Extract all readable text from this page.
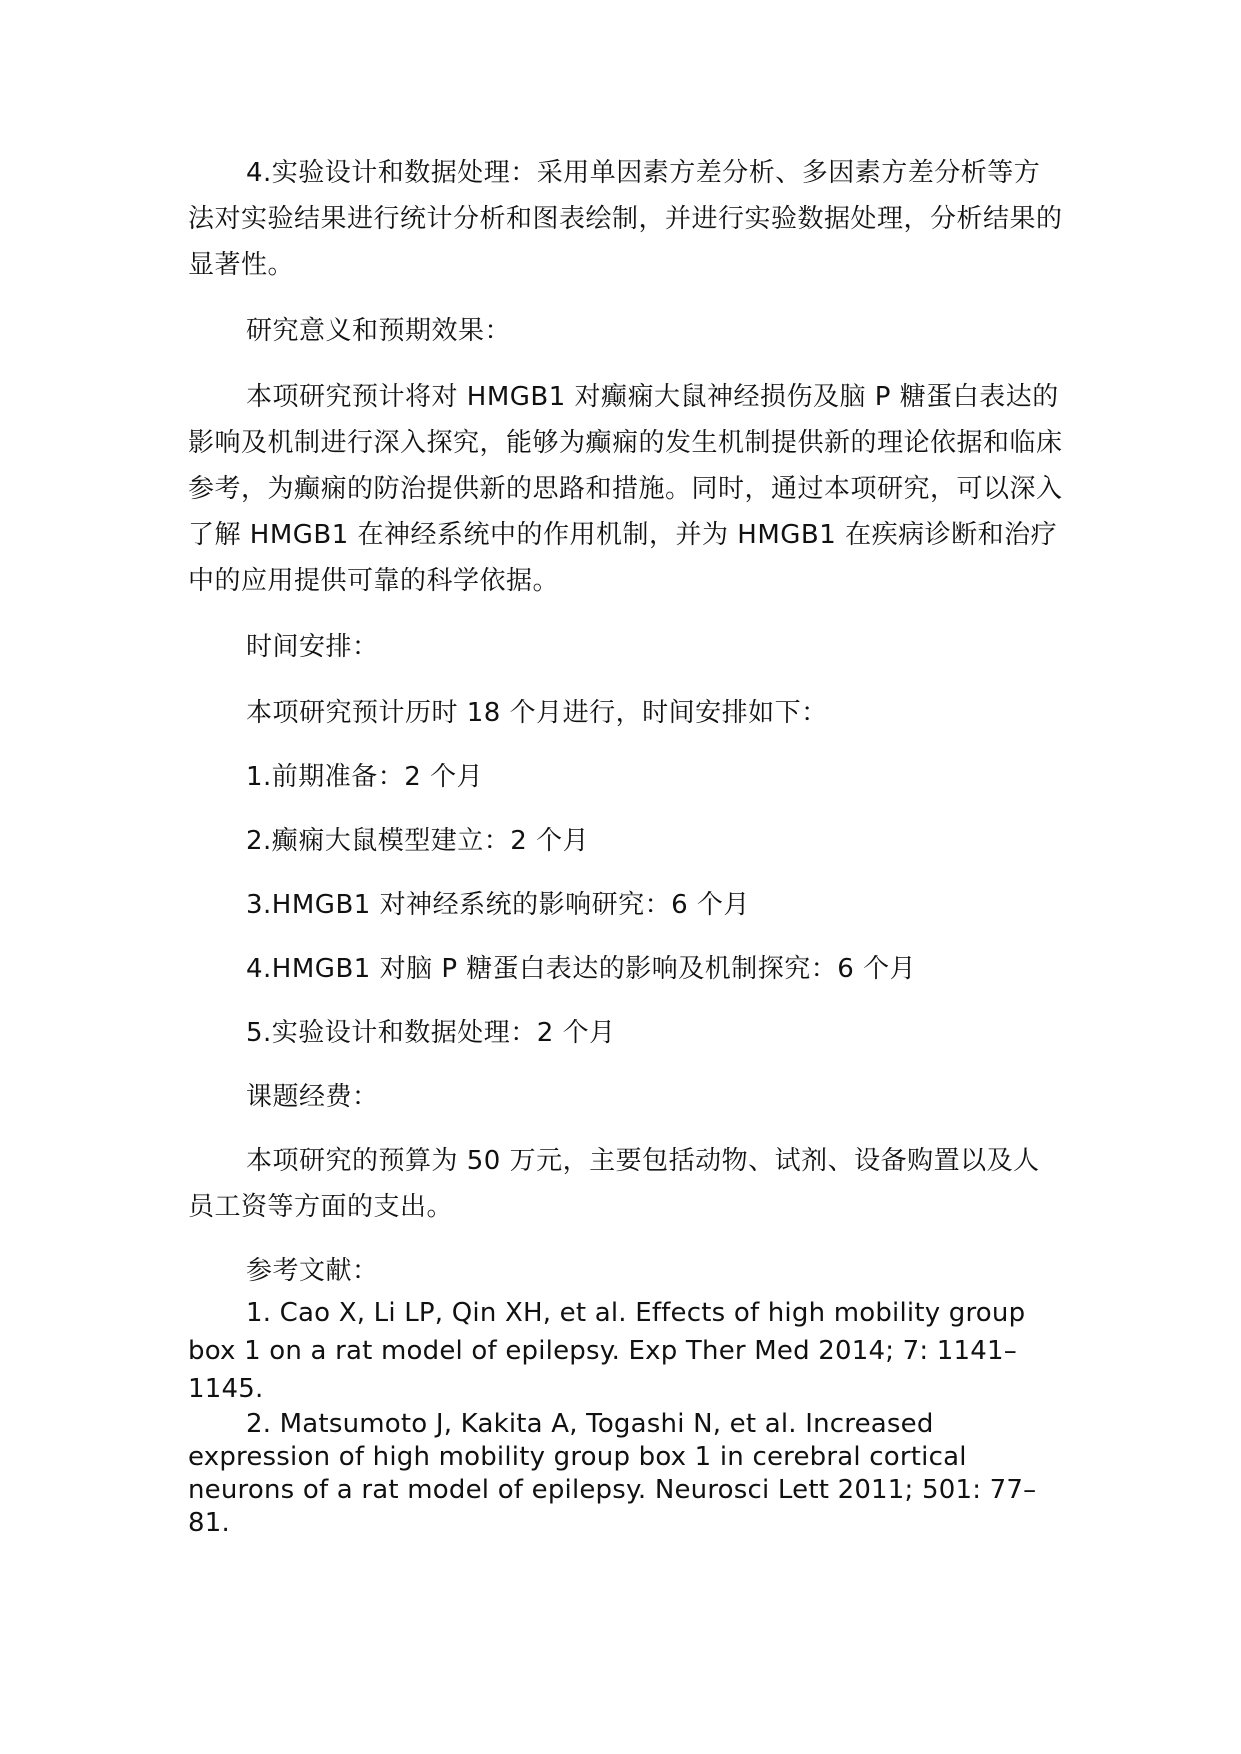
4.实验设计和数据处理：采用单因素方差分析、多因素方差分析等方法对实验结果进行统计分析和图表绘制，并进行实验数据处理，分析结果的显著性。

研究意义和预期效果：

本项研究预计将对 HMGB1 对癫痫大鼠神经损伤及脑 P 糖蛋白表达的影响及机制进行深入探究，能够为癫痫的发生机制提供新的理论依据和临床参考，为癫痫的防治提供新的思路和措施。同时，通过本项研究，可以深入了解 HMGB1 在神经系统中的作用机制，并为 HMGB1 在疾病诊断和治疗中的应用提供可靠的科学依据。

时间安排：

本项研究预计历时 18 个月进行，时间安排如下：

1.前期准备：2 个月

2.癫痫大鼠模型建立：2 个月

3.HMGB1 对神经系统的影响研究：6 个月

4.HMGB1 对脑 P 糖蛋白表达的影响及机制探究：6 个月

5.实验设计和数据处理：2 个月

课题经费：

本项研究的预算为 50 万元，主要包括动物、试剂、设备购置以及人员工资等方面的支出。

参考文献：

1. Cao X, Li LP, Qin XH, et al. Effects of high mobility group box 1 on a rat model of epilepsy. Exp Ther Med 2014; 7: 1141–1145.

2. Matsumoto J, Kakita A, Togashi N, et al. Increased expression of high mobility group box 1 in cerebral cortical neurons of a rat model of epilepsy. Neurosci Lett 2011; 501: 77–81.
